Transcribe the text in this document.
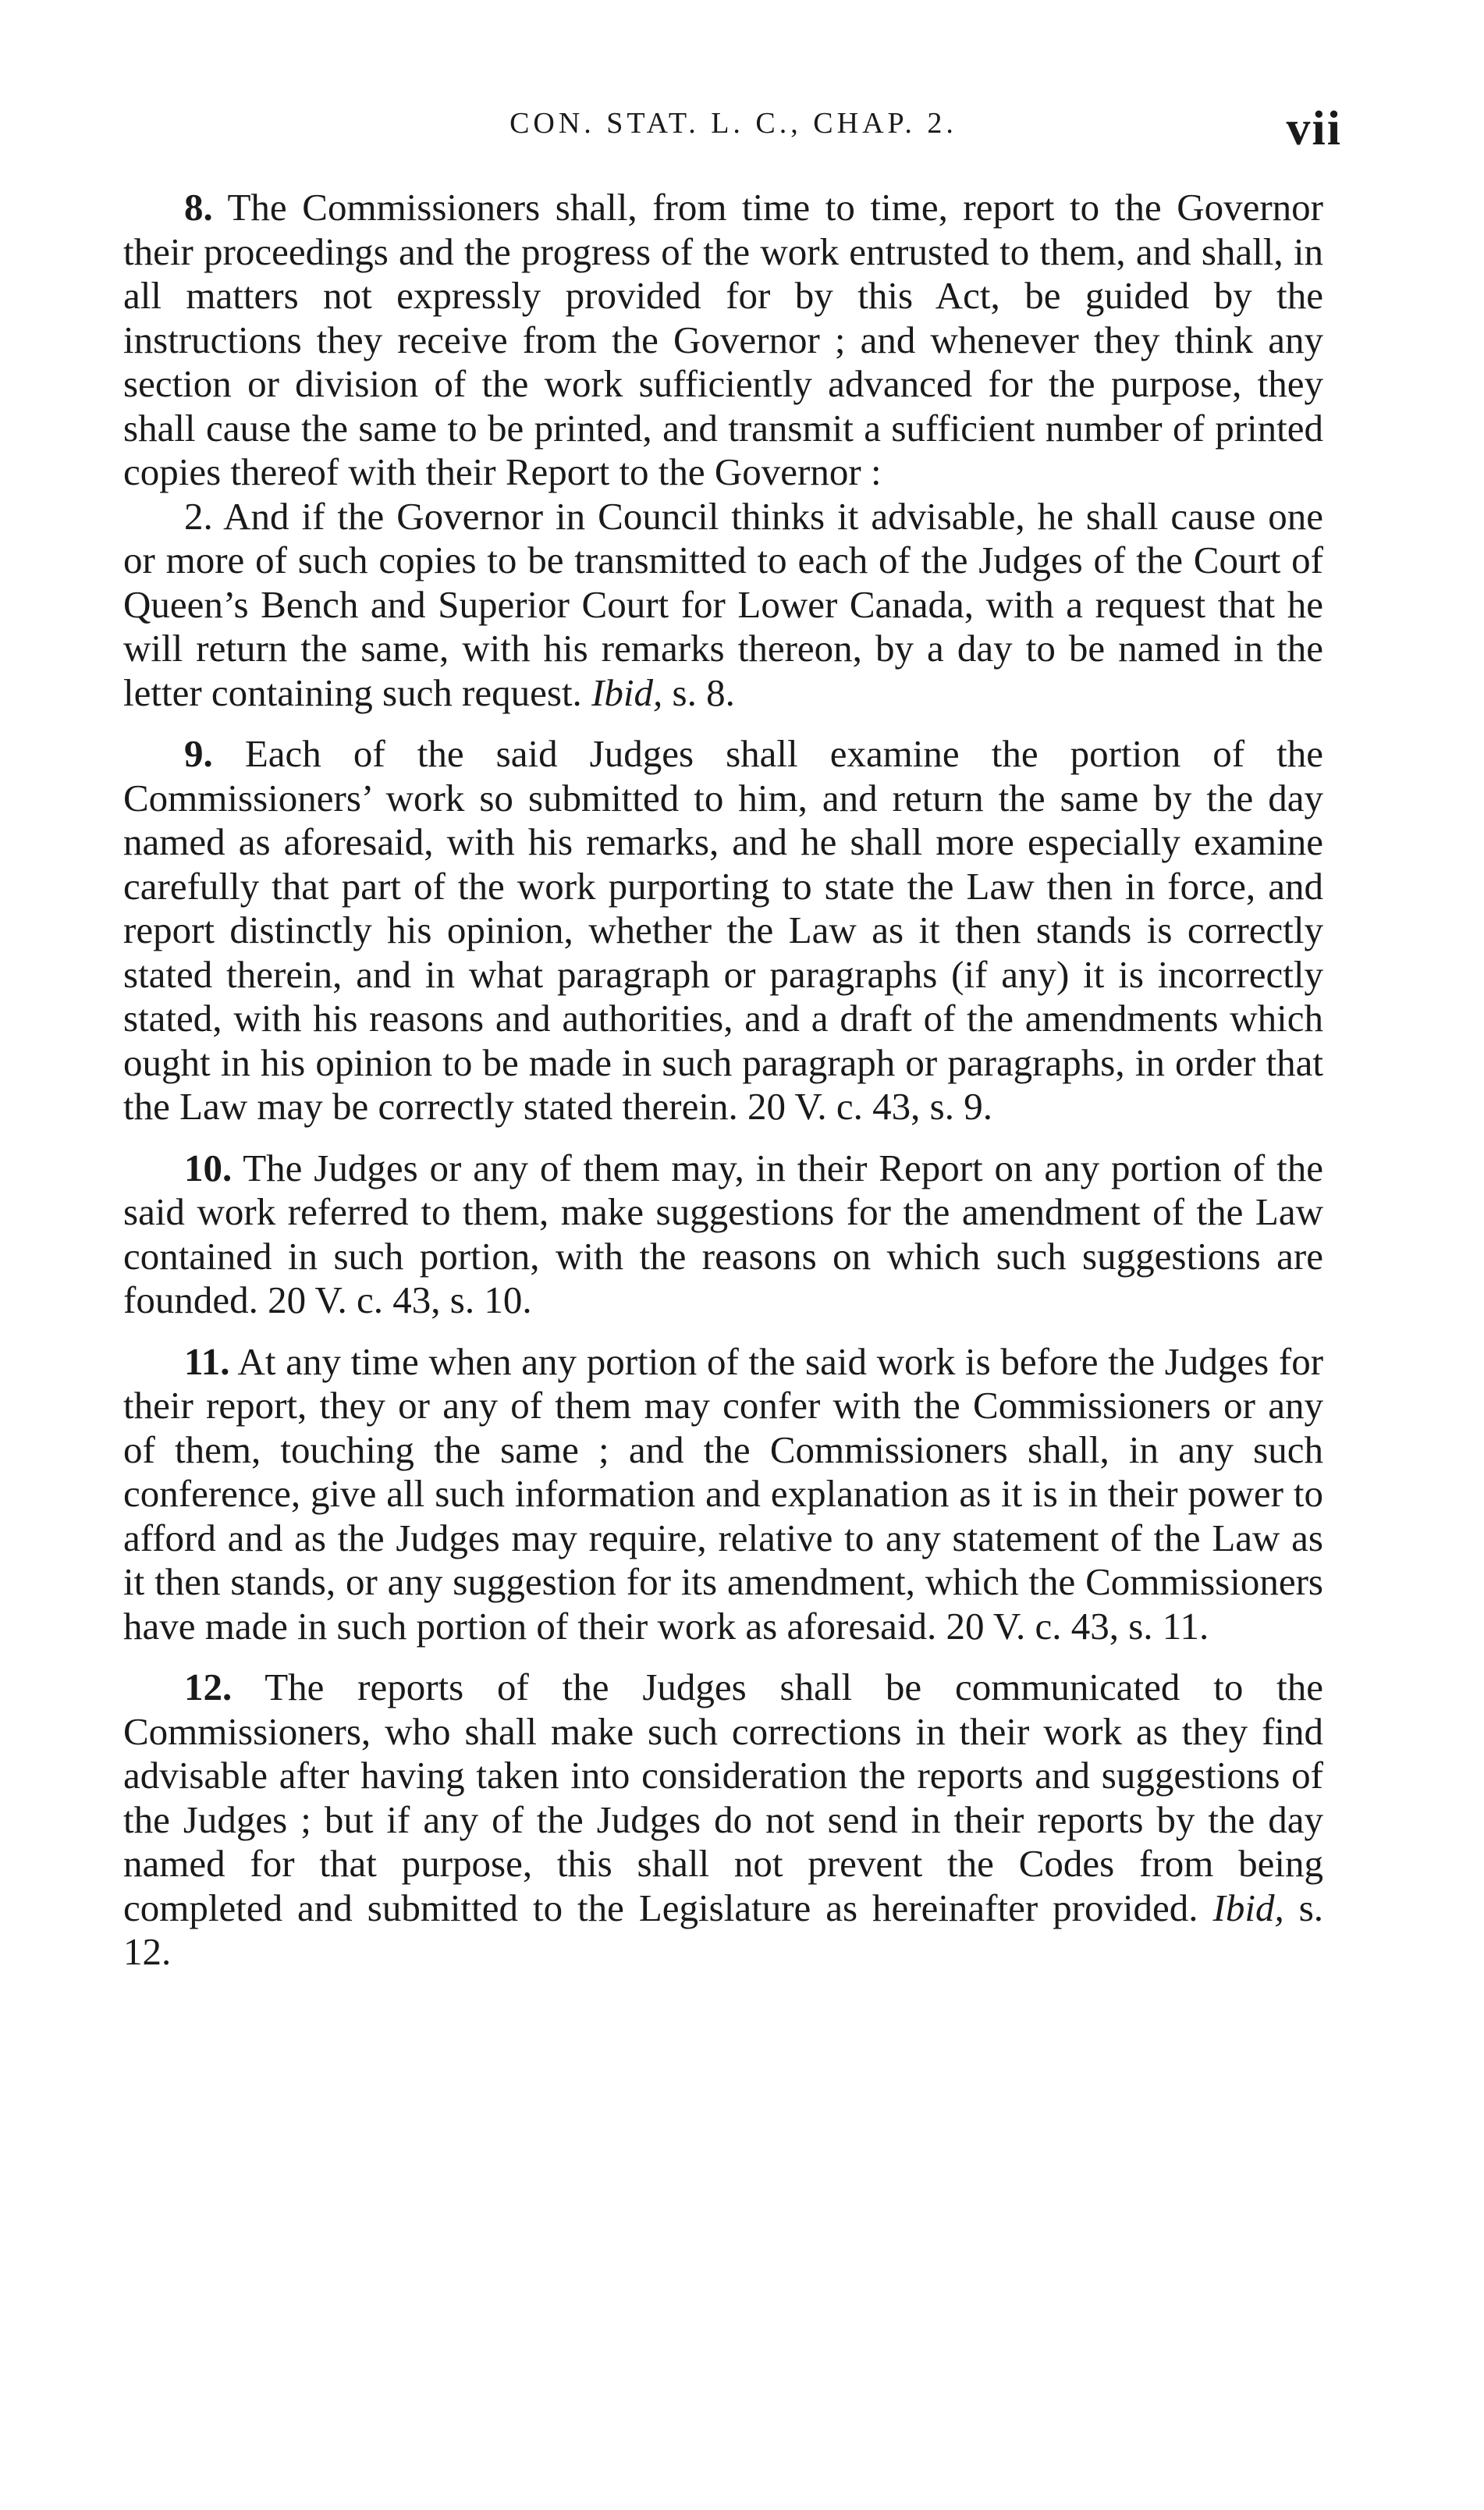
CON. STAT. L. C., CHAP. 2.	vii

8. The Commissioners shall, from time to time, report to the Governor their proceedings and the progress of the work entrusted to them, and shall, in all matters not expressly provided for by this Act, be guided by the instructions they receive from the Governor ; and whenever they think any section or division of the work sufficiently advanced for the purpose, they shall cause the same to be printed, and transmit a sufficient number of printed copies thereof with their Report to the Governor :

2. And if the Governor in Council thinks it advisable, he shall cause one or more of such copies to be transmitted to each of the Judges of the Court of Queen’s Bench and Superior Court for Lower Canada, with a request that he will return the same, with his remarks thereon, by a day to be named in the letter containing such request. Ibid, s. 8.

9. Each of the said Judges shall examine the portion of the Commissioners’ work so submitted to him, and return the same by the day named as aforesaid, with his remarks, and he shall more especially examine carefully that part of the work purporting to state the Law then in force, and report distinctly his opinion, whether the Law as it then stands is correctly stated therein, and in what paragraph or paragraphs (if any) it is incorrectly stated, with his reasons and authorities, and a draft of the amendments which ought in his opinion to be made in such paragraph or paragraphs, in order that the Law may be correctly stated therein. 20 V. c. 43, s. 9.

10. The Judges or any of them may, in their Report on any portion of the said work referred to them, make suggestions for the amendment of the Law contained in such portion, with the reasons on which such suggestions are founded. 20 V. c. 43, s. 10.

11. At any time when any portion of the said work is before the Judges for their report, they or any of them may confer with the Commissioners or any of them, touching the same ; and the Commissioners shall, in any such conference, give all such information and explanation as it is in their power to afford and as the Judges may require, relative to any statement of the Law as it then stands, or any suggestion for its amendment, which the Commissioners have made in such portion of their work as aforesaid. 20 V. c. 43, s. 11.

12. The reports of the Judges shall be communicated to the Commissioners, who shall make such corrections in their work as they find advisable after having taken into consideration the reports and suggestions of the Judges ; but if any of the Judges do not send in their reports by the day named for that purpose, this shall not prevent the Codes from being completed and submitted to the Legislature as hereinafter provided. Ibid, s. 12.
